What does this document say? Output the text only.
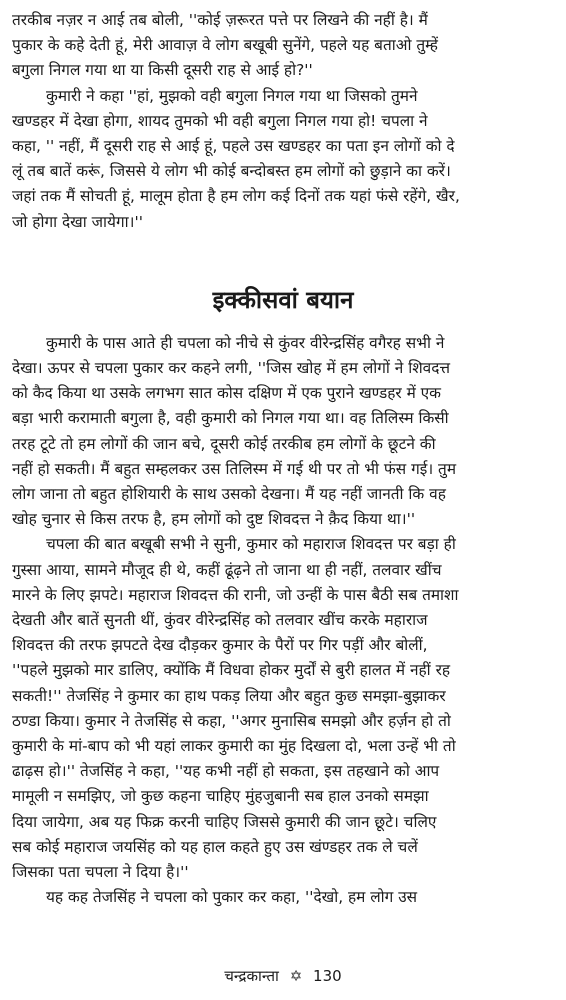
तरकीब नज़र न आई तब बोली, ''कोई ज़रूरत पत्ते पर लिखने की नहीं है। मैं
पुकार के कहे देती हूं, मेरी आवाज़ वे लोग बखूबी सुनेंगे, पहले यह बताओ तुम्हें
बगुला निगल गया था या किसी दूसरी राह से आई हो?''

कुमारी ने कहा ''हां, मुझको वही बगुला निगल गया था जिसको तुमने
खण्डहर में देखा होगा, शायद तुमको भी वही बगुला निगल गया हो! चपला ने
कहा, '' नहीं, मैं दूसरी राह से आई हूं, पहले उस खण्डहर का पता इन लोगों को दे
लूं तब बातें करूं, जिससे ये लोग भी कोई बन्दोबस्त हम लोगों को छुड़ाने का करें।
जहां तक मैं सोचती हूं, मालूम होता है हम लोग कई दिनों तक यहां फंसे रहेंगे, खैर,
जो होगा देखा जायेगा।''

इक्कीसवां बयान

कुमारी के पास आते ही चपला को नीचे से कुंवर वीरेन्द्रसिंह वगैरह सभी ने
देखा। ऊपर से चपला पुकार कर कहने लगी, ''जिस खोह में हम लोगों ने शिवदत्त
को कैद किया था उसके लगभग सात कोस दक्षिण में एक पुराने खण्डहर में एक
बड़ा भारी करामाती बगुला है, वही कुमारी को निगल गया था। वह तिलिस्म किसी
तरह टूटे तो हम लोगों की जान बचे, दूसरी कोई तरकीब हम लोगों के छूटने की
नहीं हो सकती। मैं बहुत सम्हलकर उस तिलिस्म में गई थी पर तो भी फंस गई। तुम
लोग जाना तो बहुत होशियारी के साथ उसको देखना। मैं यह नहीं जानती कि वह
खोह चुनार से किस तरफ है, हम लोगों को दुष्ट शिवदत्त ने क़ैद किया था।''

चपला की बात बखूबी सभी ने सुनी, कुमार को महाराज शिवदत्त पर बड़ा ही
गुस्सा आया, सामने मौजूद ही थे, कहीं ढूंढ़ने तो जाना था ही नहीं, तलवार खींच
मारने के लिए झपटे। महाराज शिवदत्त की रानी, जो उन्हीं के पास बैठी सब तमाशा
देखती और बातें सुनती थीं, कुंवर वीरेन्द्रसिंह को तलवार खींच करके महाराज
शिवदत्त की तरफ झपटते देख दौड़कर कुमार के पैरों पर गिर पड़ीं और बोलीं,
''पहले मुझको मार डालिए, क्योंकि मैं विधवा होकर मुर्दों से बुरी हालत में नहीं रह
सकती!'' तेजसिंह ने कुमार का हाथ पकड़ लिया और बहुत कुछ समझा-बुझाकर
ठण्डा किया। कुमार ने तेजसिंह से कहा, ''अगर मुनासिब समझो और हर्ज़न हो तो
कुमारी के मां-बाप को भी यहां लाकर कुमारी का मुंह दिखला दो, भला उन्हें भी तो
ढाढ़स हो।'' तेजसिंह ने कहा, ''यह कभी नहीं हो सकता, इस तहखाने को आप
मामूली न समझिए, जो कुछ कहना चाहिए मुंहजुबानी सब हाल उनको समझा
दिया जायेगा, अब यह फिक्र करनी चाहिए जिससे कुमारी की जान छूटे। चलिए
सब कोई महाराज जयसिंह को यह हाल कहते हुए उस खंण्डहर तक ले चलें
जिसका पता चपला ने दिया है।''

यह कह तेजसिंह ने चपला को पुकार कर कहा, ''देखो, हम लोग उस

चन्द्रकान्ता ✡ 130
